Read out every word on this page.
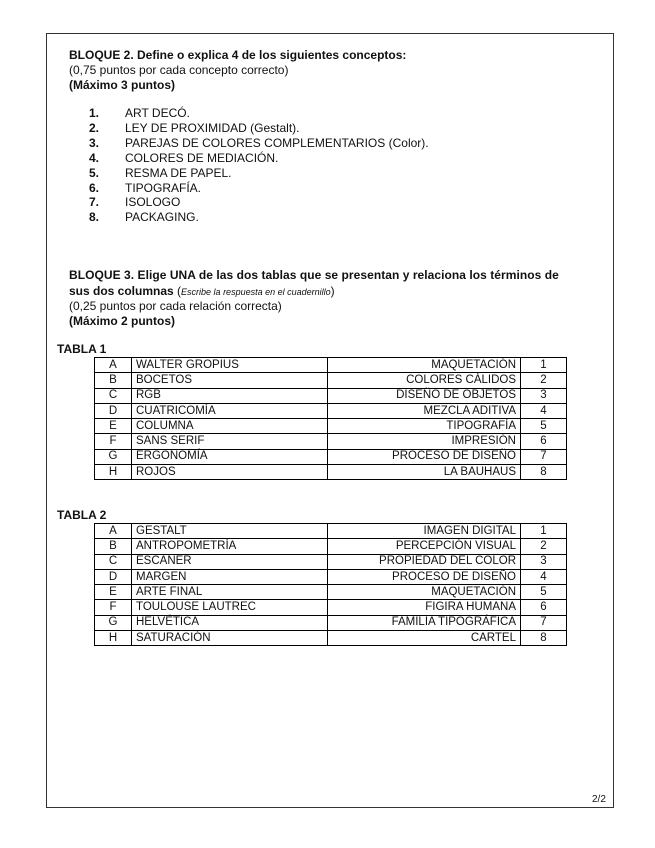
BLOQUE 2. Define o explica 4 de los siguientes conceptos:
(0,75 puntos por cada concepto correcto)
(Máximo 3 puntos)
1.	ART DECÓ.
2.	LEY DE PROXIMIDAD (Gestalt).
3.	PAREJAS DE COLORES COMPLEMENTARIOS (Color).
4.	COLORES DE MEDIACIÓN.
5.	RESMA DE PAPEL.
6.	TIPOGRAFÍA.
7.	ISOLOGO
8.	PACKAGING.
BLOQUE 3. Elige UNA de las dos tablas que se presentan y relaciona los términos de
sus dos columnas (Escribe la respuesta en el cuadernillo)
(0,25 puntos por cada relación correcta)
(Máximo 2 puntos)
TABLA 1
A	WALTER GROPIUS	MAQUETACIÓN	1
B	BOCETOS	COLORES CÁLIDOS	2
C	RGB	DISEÑO DE OBJETOS	3
D	CUATRICOMÍA	MEZCLA ADITIVA	4
E	COLUMNA	TIPOGRAFÍA	5
F	SANS SERIF	IMPRESIÓN	6
G	ERGONOMÍA	PROCESO DE DISEÑO	7
H	ROJOS	LA BAUHAUS	8
TABLA 2
A	GESTALT	IMAGEN DIGITAL	1
B	ANTROPOMETRÍA	PERCEPCIÓN VISUAL	2
C	ESCANER	PROPIEDAD DEL COLOR	3
D	MARGEN	PROCESO DE DISEÑO	4
E	ARTE FINAL	MAQUETACIÓN	5
F	TOULOUSE LAUTREC	FIGIRA HUMANA	6
G	HELVÉTICA	FAMILIA TIPOGRÁFICA	7
H	SATURACIÓN	CARTEL	8
2/2
